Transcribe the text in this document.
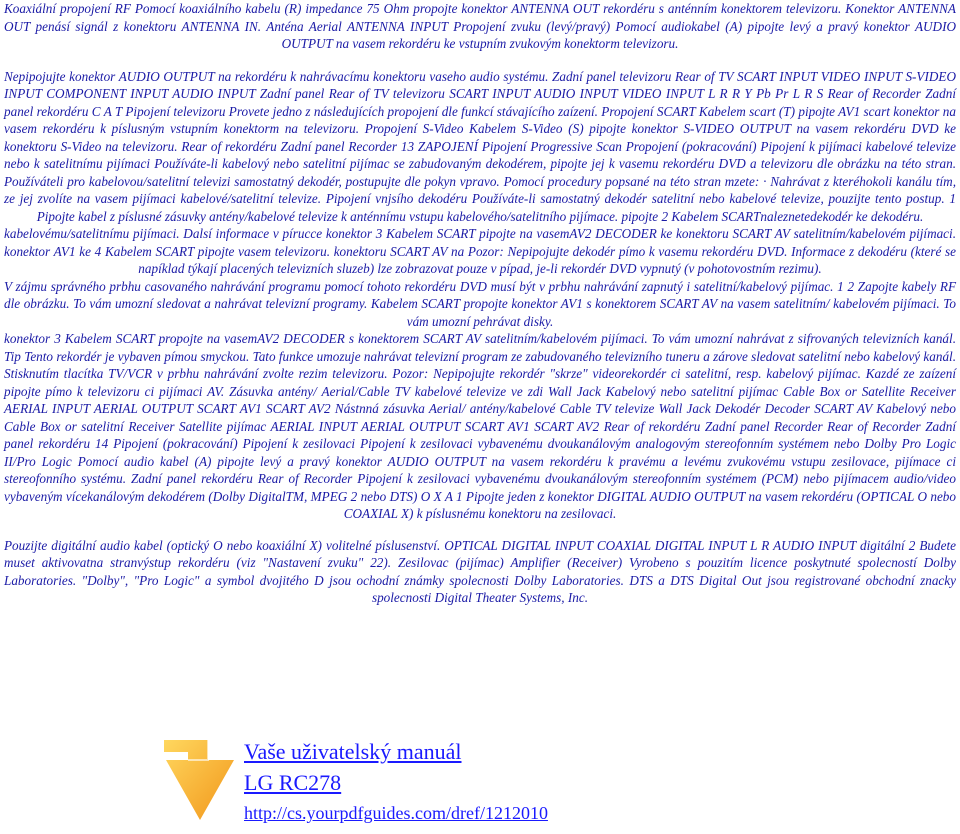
Koaxiální propojení RF Pomocí koaxiálního kabelu (R) impedance 75 Ohm propojte konektor ANTENNA OUT rekordéru s anténním konektorem televizoru. Konektor ANTENNA OUT penásí signál z konektoru ANTENNA IN. Anténa Aerial ANTENNA INPUT Propojení zvuku (levý/pravý) Pomocí audiokabel (A) pipojte levý a pravý konektor AUDIO OUTPUT na vasem rekordéru ke vstupním zvukovým konektorm televizoru.

Nepipojujte konektor AUDIO OUTPUT na rekordéru k nahrávacímu konektoru vaseho audio systému. Zadní panel televizoru Rear of TV SCART INPUT VIDEO INPUT S-VIDEO INPUT COMPONENT INPUT AUDIO INPUT Zadní panel Rear of TV televizoru SCART INPUT AUDIO INPUT VIDEO INPUT L R R Y Pb Pr L R S Rear of Recorder Zadní panel rekordéru C A T Pipojení televizoru Provete jedno z následujících propojení dle funkcí stávajícího zaízení. Propojení SCART Kabelem scart (T) pipojte AV1 scart konektor na vasem rekordéru k píslusným vstupním konektorm na televizoru. Propojení S-Video Kabelem S-Video (S) pipojte konektor S-VIDEO OUTPUT na vasem rekordéru DVD ke konektoru S-Video na televizoru. Rear of rekordéru Zadní panel Recorder 13 ZAPOJENÍ Pipojení Progressive Scan Propojení (pokracování) Pipojení k pijímaci kabelové televize nebo k satelitnímu pijímaci Používáte-li kabelový nebo satelitní pijímac se zabudovaným dekodérem, pipojte jej k vasemu rekordéru DVD a televizoru dle obrázku na této stran. Používáteli pro kabelovou/satelitní televizi samostatný dekodér, postupujte dle pokyn vpravo. Pomocí procedury popsané na této stran mzete: · Nahrávat z kteréhokoli kanálu tím, ze jej zvolíte na vasem pijímaci kabelové/satelitní televize. Pipojení vnjsího dekodéru Používáte-li samostatný dekodér satelitní nebo kabelové televize, pouzijte tento postup. 1 Pipojte kabel z píslusné zásuvky antény/kabelové televize k anténnímu vstupu kabelového/satelitního pijímace. pipojte 2 Kabelem SCARTnaleznetedekodér ke dekodéru.

kabelovému/satelitnímu pijímaci. Dalsí informace v pírucce konektor 3 Kabelem SCART pipojte na vasemAV2 DECODER ke konektoru SCART AV satelitním/kabelovém pijímaci. konektor AV1 ke 4 Kabelem SCART pipojte vasem televizoru. konektoru SCART AV na Pozor: Nepipojujte dekodér pímo k vasemu rekordéru DVD. Informace z dekodéru (které se napíklad týkají placených televizních sluzeb) lze zobrazovat pouze v pípad, je-li rekordér DVD vypnutý (v pohotovostním rezimu).

V zájmu správného prbhu casovaného nahrávání programu pomocí tohoto rekordéru DVD musí být v prbhu nahrávání zapnutý i satelitní/kabelový pijímac. 1 2 Zapojte kabely RF dle obrázku. To vám umozní sledovat a nahrávat televizní programy. Kabelem SCART propojte konektor AV1 s konektorem SCART AV na vasem satelitním/ kabelovém pijímaci. To vám umozní pehrávat disky.

konektor 3 Kabelem SCART propojte na vasemAV2 DECODER s konektorem SCART AV satelitním/kabelovém pijímaci. To vám umozní nahrávat z sifrovaných televizních kanál. Tip Tento rekordér je vybaven pímou smyckou. Tato funkce umozuje nahrávat televizní program ze zabudovaného televizního tuneru a zárove sledovat satelitní nebo kabelový kanál. Stisknutím tlacítka TV/VCR v prbhu nahrávání zvolte rezim televizoru. Pozor: Nepipojujte rekordér "skrze" videorekordér ci satelitní, resp. kabelový pijímac. Kazdé ze zaízení pipojte pímo k televizoru ci pijímaci AV. Zásuvka antény/ Aerial/Cable TV kabelové televize ve zdi Wall Jack Kabelový nebo satelitní pijímac Cable Box or Satellite Receiver AERIAL INPUT AERIAL OUTPUT SCART AV1 SCART AV2 Nástnná zásuvka Aerial/ antény/kabelové Cable TV televize Wall Jack Dekodér Decoder SCART AV Kabelový nebo Cable Box or satelitní Receiver Satellite pijímac AERIAL INPUT AERIAL OUTPUT SCART AV1 SCART AV2 Rear of rekordéru Zadní panel Recorder Rear of Recorder Zadní panel rekordéru 14 Pipojení (pokracování) Pipojení k zesilovaci Pipojení k zesilovaci vybavenému dvoukanálovým analogovým stereofonním systémem nebo Dolby Pro Logic II/Pro Logic Pomocí audio kabel (A) pipojte levý a pravý konektor AUDIO OUTPUT na vasem rekordéru k pravému a levému zvukovému vstupu zesilovace, pijímace ci stereofonního systému. Zadní panel rekordéru Rear of Recorder Pipojení k zesilovaci vybavenému dvoukanálovým stereofonním systémem (PCM) nebo pijímacem audio/video vybaveným vícekanálovým dekodérem (Dolby DigitalTM, MPEG 2 nebo DTS) O X A 1 Pipojte jeden z konektor DIGITAL AUDIO OUTPUT na vasem rekordéru (OPTICAL O nebo COAXIAL X) k píslusnému konektoru na zesilovaci.

Pouzijte digitální audio kabel (optický O nebo koaxiální X) volitelné píslusenství. OPTICAL DIGITAL INPUT COAXIAL DIGITAL INPUT L R AUDIO INPUT digitální 2 Budete muset aktivovatna stranvýstup rekordéru (viz "Nastavení zvuku" 22). Zesilovac (pijímac) Amplifier (Receiver) Vyrobeno s pouzitím licence poskytnuté spolecností Dolby Laboratories. "Dolby", "Pro Logic" a symbol dvojitého D jsou ochodní známky spolecnosti Dolby Laboratories. DTS a DTS Digital Out jsou registrované obchodní znacky spolecnosti Digital Theater Systems, Inc.

Vaše uživatelský manuál
LG RC278
http://cs.yourpdfguides.com/dref/1212010
